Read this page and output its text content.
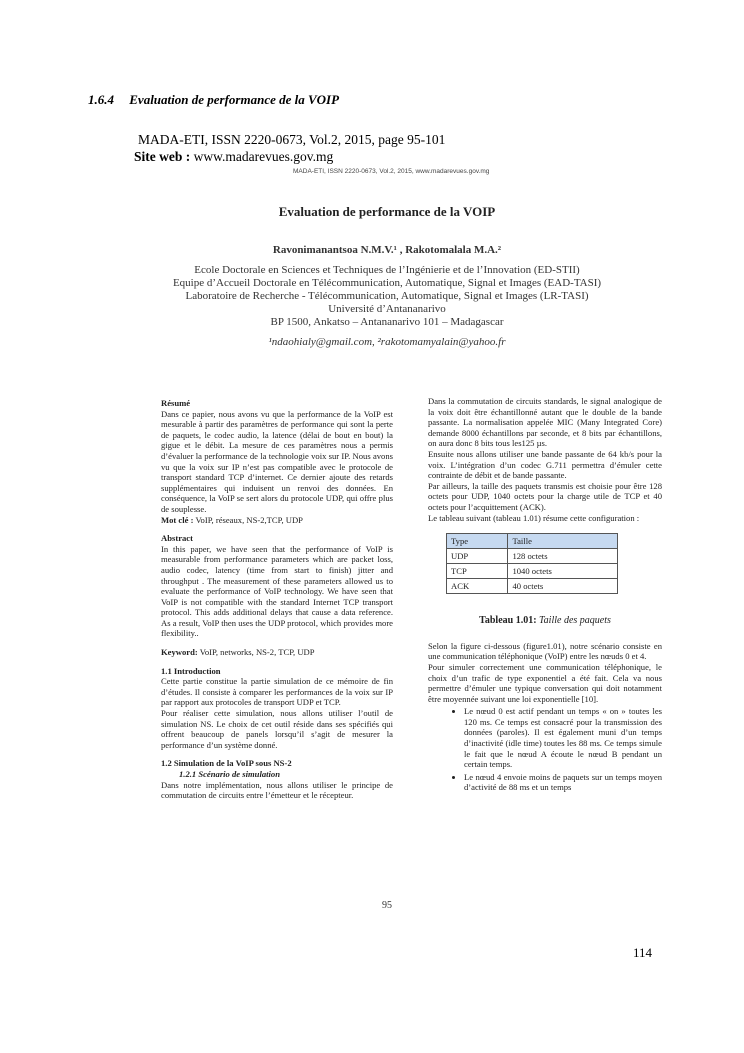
1.6.4 Evaluation de performance de la VOIP
MADA-ETI, ISSN 2220-0673, Vol.2, 2015, page 95-101
Site web : www.madarevues.gov.mg
MADA-ETI, ISSN 2220-0673, Vol.2, 2015, www.madarevues.gov.mg
Evaluation de performance de la VOIP
Ravonimanantsoa N.M.V.¹ , Rakotomalala M.A.²
Ecole Doctorale en Sciences et Techniques de l’Ingénierie et de l’Innovation (ED-STII)
Equipe d’Accueil Doctorale en Télécommunication, Automatique, Signal et Images (EAD-TASI)
Laboratoire de Recherche - Télécommunication, Automatique, Signal et Images (LR-TASI)
Université d’Antananarivo
BP 1500, Ankatso – Antananarivo 101 – Madagascar
¹ndaohialy@gmail.com, ²rakotomamyalain@yahoo.fr

Résumé

Dans ce papier, nous avons vu que la performance de la VoIP est mesurable à partir des paramètres de performance qui sont la perte de paquets, le codec audio, la latence (délai de bout en bout) la gigue et le débit. La mesure de ces paramètres nous a permis d’évaluer la performance de la technologie voix sur IP. Nous avons vu que la voix sur IP n’est pas compatible avec le protocole de transport standard TCP d’internet. Ce dernier ajoute des retards supplémentaires qui induisent un renvoi des données. En conséquence, la VoIP se sert alors du protocole UDP, qui offre plus de souplesse.

Mot clé : VoIP, réseaux, NS-2,TCP, UDP

Abstract

In this paper, we have seen that the performance of VoIP is measurable from performance parameters which are packet loss, audio codec, latency (time from start to finish) jitter and throughput . The measurement of these parameters allowed us to evaluate the performance of VoIP technology. We have seen that VoIP is not compatible with the standard Internet TCP transport protocol. This adds additional delays that cause a data reference. As a result, VoIP then uses the UDP protocol, which provides more flexibility..

Keyword: VoIP, networks, NS-2, TCP, UDP

1.1 Introduction

Cette partie constitue la partie simulation de ce mémoire de fin d’études. Il consiste à comparer les performances de la voix sur IP par rapport aux protocoles de transport UDP et TCP.

Pour réaliser cette simulation, nous allons utiliser l’outil de simulation NS. Le choix de cet outil réside dans ses spécifiés qui offrent beaucoup de panels lorsqu’il s’agit de mesurer la performance d’un système donné.

1.2 Simulation de la VoIP sous NS-2

1.2.1 Scénario de simulation

Dans notre implémentation, nous allons utiliser le principe de commutation de circuits entre l’émetteur et le récepteur.

Dans la commutation de circuits standards, le signal analogique de la voix doit être échantillonné autant que le double de la bande passante. La normalisation appelée MIC (Many Integrated Core) demande 8000 échantillons par seconde, et 8 bits par échantillons, on aura donc 8 bits tous les125 µs.

Ensuite nous allons utiliser une bande passante de 64 kb/s pour la voix. L’intégration d’un codec G.711 permettra d’émuler cette contrainte de débit et de bande passante.

Par ailleurs, la taille des paquets transmis est choisie pour être 128 octets pour UDP, 1040 octets pour la charge utile de TCP et 40 octets pour l’acquittement (ACK).

Le tableau suivant (tableau 1.01) résume cette configuration :

Type	Taille
UDP	128 octets
TCP	1040 octets
ACK	40 octets

Tableau 1.01: Taille des paquets

Selon la figure ci-dessous (figure1.01), notre scénario consiste en une communication téléphonique (VoIP) entre les nœuds 0 et 4.

Pour simuler correctement une communication téléphonique, le choix d’un trafic de type exponentiel a été fait. Cela va nous permettre d’émuler une typique conversation qui doit notamment être moyennée suivant une loi exponentielle [10].

• Le nœud 0 est actif pendant un temps « on » toutes les 120 ms. Ce temps est consacré pour la transmission des données (paroles). Il est également muni d’un temps d’inactivité (idle time) toutes les 88 ms. Ce temps simule le fait que le nœud A écoute le nœud B pendant un certain temps.
• Le nœud 4 envoie moins de paquets sur un temps moyen d’activité de 88 ms et un temps
95
114
